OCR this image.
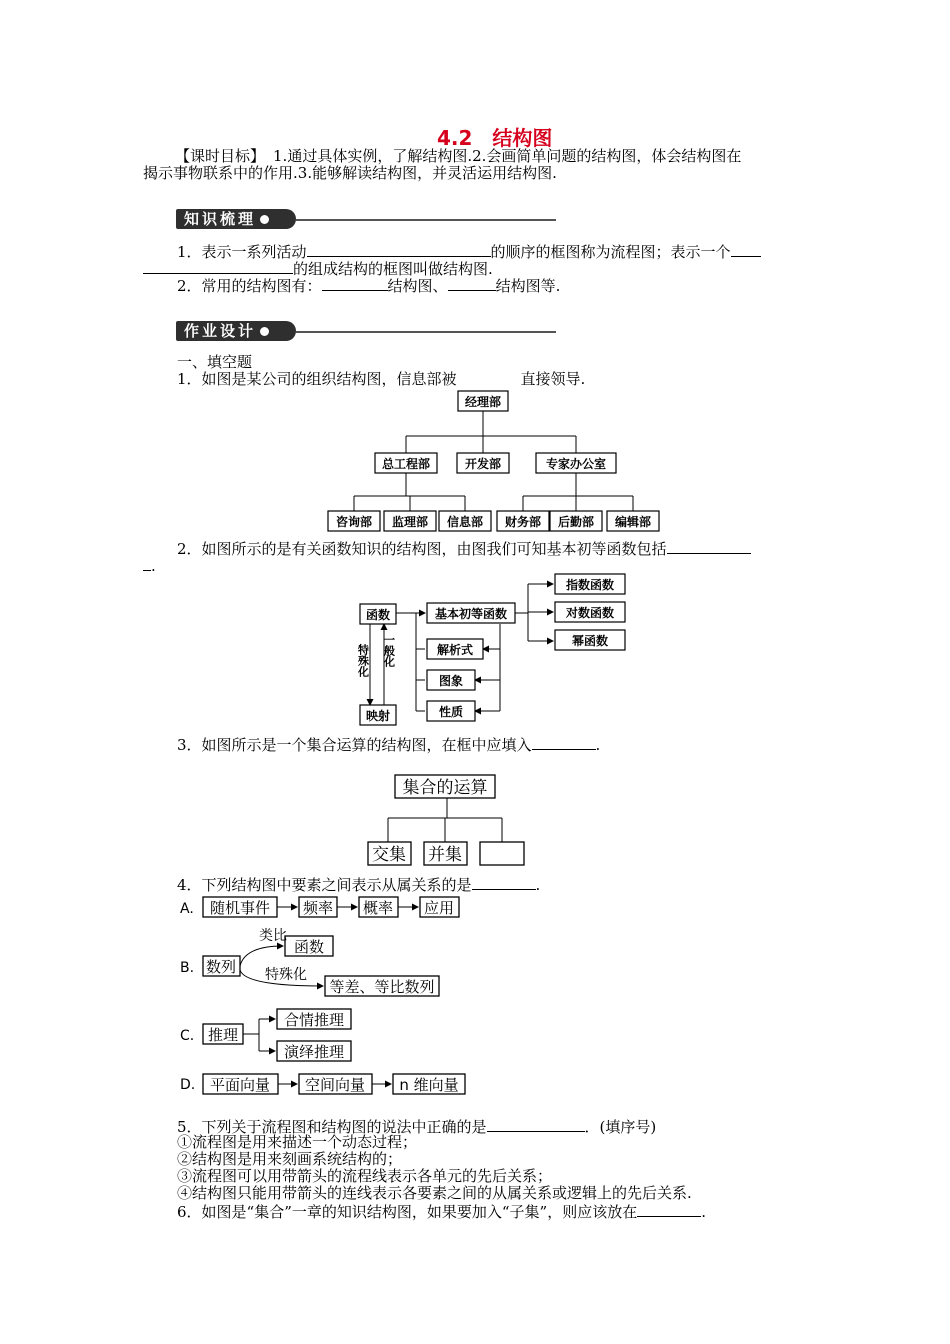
4.2　结构图
【课时目标】 1.通过具体实例，了解结构图.2.会画简单问题的结构图，体会结构图在
揭示事物联系中的作用.3.能够解读结构图，并灵活运用结构图.
知识梳理
1．表示一系列活动	的顺序的框图称为流程图；表示一个
的组成结构的框图叫做结构图.
2．常用的结构图有：	结构图、	结构图等.
作业设计
一、填空题
1．如图是某公司的组织结构图，信息部被	直接领导.
经理部
总工程部	开发部	专家办公室
咨询部 监理部 信息部 财务部 后勤部 编辑部
2．如图所示的是有关函数知识的结构图，由图我们可知基本初等函数包括
.
函数
映射
基本初等函数
指数函数
对数函数
幂函数
解析式
图象
性质
特殊化 一般化
3．如图所示是一个集合运算的结构图，在框中应填入	.
集合的运算
交集 并集
4．下列结构图中要素之间表示从属关系的是	.
A.
B.
C.
D.
随机事件 频率 概率 应用
数列
函数
等差、等比数列
推理
合情推理
演绎推理
平面向量 空间向量 n 维向量
类比
特殊化
5．下列关于流程图和结构图的说法中正确的是	．(填序号)
①流程图是用来描述一个动态过程；
②结构图是用来刻画系统结构的；
③流程图可以用带箭头的流程线表示各单元的先后关系；
④结构图只能用带箭头的连线表示各要素之间的从属关系或逻辑上的先后关系.
6．如图是“集合”一章的知识结构图，如果要加入“子集”，则应该放在	.
